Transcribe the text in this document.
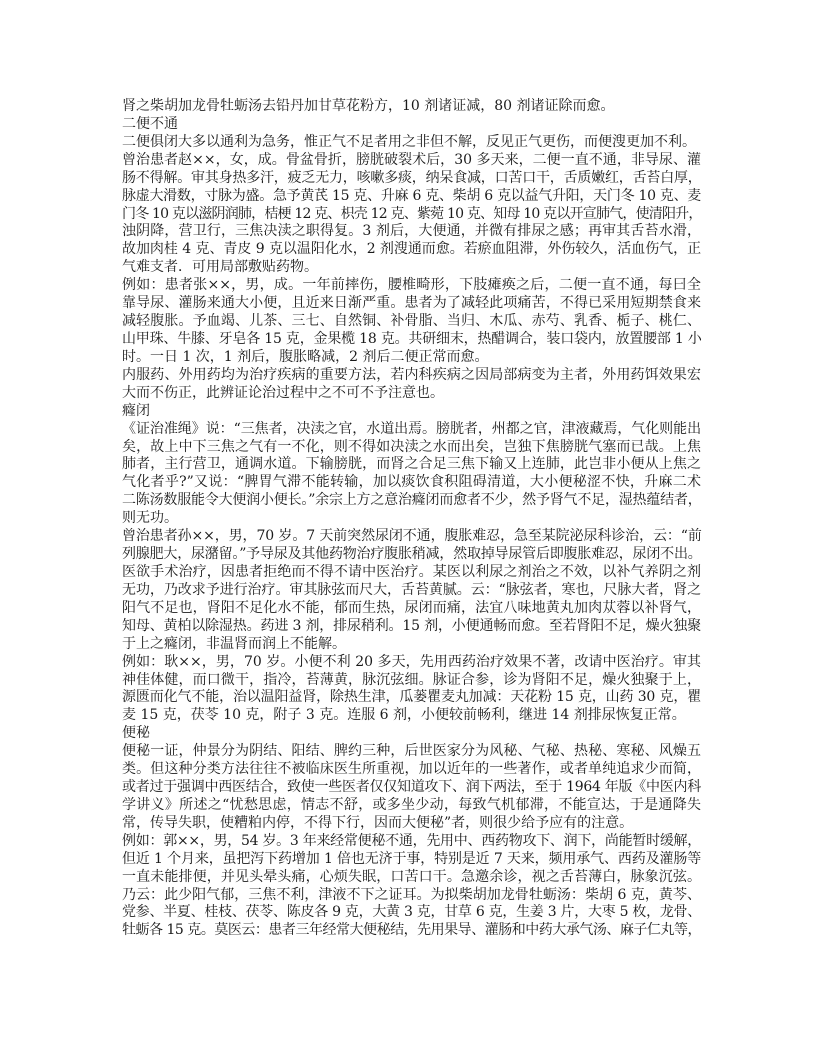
肾之柴胡加龙骨牡蛎汤去铅丹加甘草花粉方，10 剂诸证减，80 剂诸证除而愈。
二便不通
二便俱闭大多以通利为急务，惟正气不足者用之非但不解，反见正气更伤，而便溲更加不利。
曾治患者赵××，女，成。骨盆骨折，膀胱破裂术后，30 多天来，二便一直不通，非导尿、灌
肠不得解。审其身热多汗，疲乏无力，咳嗽多痰，纳呆食减，口苦口干，舌质嫩红，舌苔白厚，
脉虚大滑数，寸脉为盛。急予黄芪 15 克、升麻 6 克、柴胡 6 克以益气升阳，天门冬 10 克、麦
门冬 10 克以滋阴润肺，桔梗 12 克、枳壳 12 克、紫菀 10 克、知母 10 克以开宣肺气，使清阳升，
浊阴降，营卫行，三焦决渎之职得复。3 剂后，大便通，并微有排尿之感；再审其舌苔水滑，
故加肉桂 4 克、青皮 9 克以温阳化水，2 剂溲通而愈。若瘀血阻滞，外伤较久，活血伤气，正
气难支者．可用局部敷贴药物。
例如：患者张××，男，成。一年前摔伤，腰椎畸形，下肢瘫痪之后，二便一直不通，每曰全
靠导尿、灌肠来通大小便，且近来日渐严重。患者为了减轻此项痛苦，不得已采用短期禁食来
减轻腹胀。予血竭、儿茶、三七、自然铜、补骨脂、当归、木瓜、赤芍、乳香、栀子、桃仁、
山甲珠、牛膝、牙皂各 15 克，金果榄 18 克。共研细末，热醋调合，装口袋内，放置腰部 1 小
时。一日 1 次，1 剂后，腹胀略减，2 剂后二便正常而愈。
内服药、外用药均为治疗疾病的重要方法，若内科疾病之因局部病变为主者，外用药饵效果宏
大而不伤正，此辨证论治过程中之不可不予注意也。
癃闭
《证治准绳》说：“三焦者，决渎之官，水道出焉。膀胱者，州都之官，津液藏焉，气化则能出
矣，故上中下三焦之气有一不化，则不得如决渎之水而出矣，岂独下焦膀胱气塞而已哉。上焦
肺者，主行营卫，通调水道。下输膀胱，而肾之合足三焦下输又上连肺，此岂非小便从上焦之
气化者乎?”又说：“脾胃气滞不能转输，加以痰饮食积阻碍清道，大小便秘涩不快，升麻二术
二陈汤数服能令大便润小便长。”余宗上方之意治癃闭而愈者不少，然予肾气不足，湿热蕴结者，
则无功。
曾治患者孙××，男，70 岁。7 天前突然尿闭不通，腹胀难忍，急至某院泌尿科诊治，云：“前
列腺肥大，尿潴留。”予导尿及其他药物治疗腹胀稍减，然取掉导尿管后即腹胀难忍，尿闭不出。
医欲手术治疗，因患者拒绝而不得不请中医治疗。某医以利尿之剂治之不效，以补气养阴之剂
无功，乃改求予进行治疗。审其脉弦而尺大，舌苔黄腻。云：“脉弦者，寒也，尺脉大者，肾之
阳气不足也，肾阳不足化水不能，郁而生热，尿闭而痛，法宜八味地黄丸加肉苁蓉以补肾气，
知母、黄柏以除湿热。药进 3 剂，排尿稍利。15 剂，小便通畅而愈。至若肾阳不足，燥火独聚
于上之癃闭，非温肾而润上不能解。
例如：耿××，男，70 岁。小便不利 20 多天，先用西药治疗效果不著，改请中医治疗。审其
神佳体健，而口微干，指冷，苔薄黄，脉沉弦细。脉证合参，诊为肾阳不足，燥火独聚于上，
源匮而化气不能，治以温阳益肾，除热生津，瓜蒌瞿麦丸加减：天花粉 15 克，山药 30 克，瞿
麦 15 克，茯苓 10 克，附子 3 克。连服 6 剂，小便较前畅利，继进 14 剂排尿恢复正常。
便秘
便秘一证，仲景分为阴结、阳结、脾约三种，后世医家分为风秘、气秘、热秘、寒秘、风燥五
类。但这种分类方法往往不被临床医生所重视，加以近年的一些著作，或者单纯追求少而简，
或者过于强调中西医结合，致使一些医者仅仅知道攻下、润下两法，至于 1964 年版《中医内科
学讲义》所述之“忧愁思虑，情志不舒，或多坐少动，每致气机郁滞，不能宣达，于是通降失
常，传导失职，使糟粕内停，不得下行，因而大便秘”者，则很少给予应有的注意。
例如：郭××，男，54 岁。3 年来经常便秘不通，先用中、西药物攻下、润下，尚能暂时缓解，
但近 1 个月来，虽把泻下药增加 1 倍也无济于事，特别是近 7 天来，频用承气、西药及灌肠等
一直未能排便，并见头晕头痛，心烦失眠，口苦口干。急邀余诊，视之舌苔薄白，脉象沉弦。
乃云：此少阳气郁，三焦不利，津液不下之证耳。为拟柴胡加龙骨牡蛎汤：柴胡 6 克，黄芩、
党参、半夏、桂枝、茯苓、陈皮各 9 克，大黄 3 克，甘草 6 克，生姜 3 片，大枣 5 枚，龙骨、
牡蛎各 15 克。莫医云：患者三年经常大便秘结，先用果导、灌肠和中药大承气汤、麻子仁丸等，
